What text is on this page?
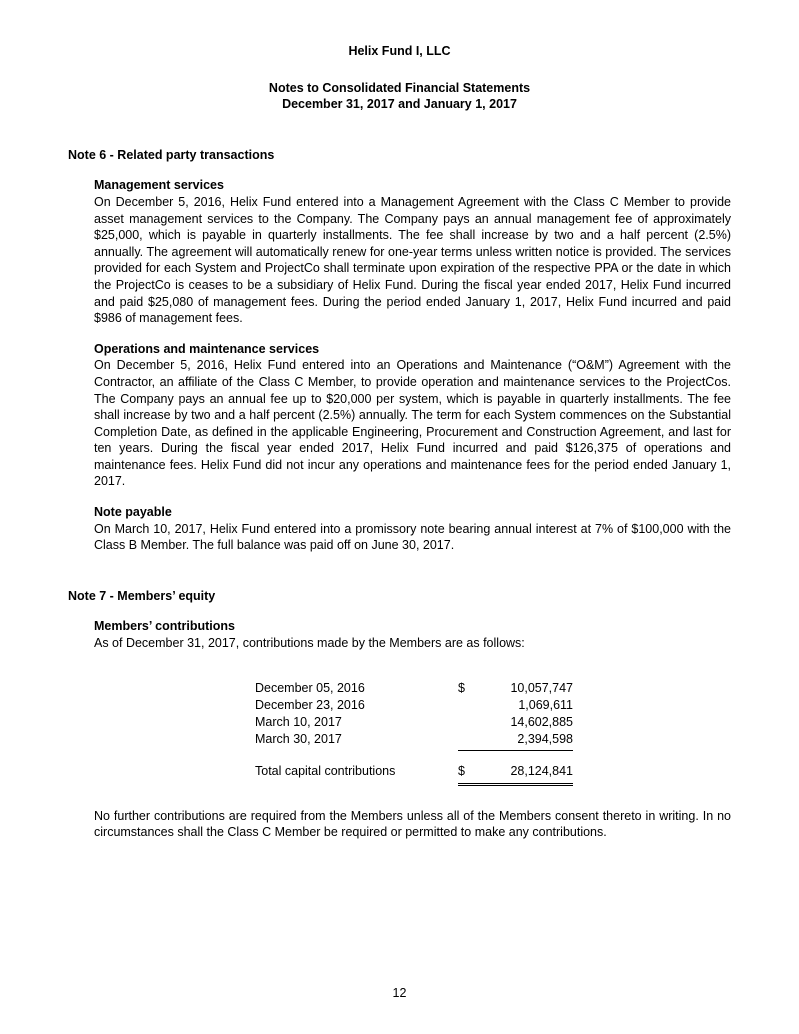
Helix Fund I, LLC
Notes to Consolidated Financial Statements
December 31, 2017 and January 1, 2017
Note 6 - Related party transactions
Management services

On December 5, 2016, Helix Fund entered into a Management Agreement with the Class C Member to provide asset management services to the Company. The Company pays an annual management fee of approximately $25,000, which is payable in quarterly installments. The fee shall increase by two and a half percent (2.5%) annually. The agreement will automatically renew for one-year terms unless written notice is provided. The services provided for each System and ProjectCo shall terminate upon expiration of the respective PPA or the date in which the ProjectCo is ceases to be a subsidiary of Helix Fund. During the fiscal year ended 2017, Helix Fund incurred and paid $25,080 of management fees. During the period ended January 1, 2017, Helix Fund incurred and paid $986 of management fees.

Operations and maintenance services

On December 5, 2016, Helix Fund entered into an Operations and Maintenance (“O&M”) Agreement with the Contractor, an affiliate of the Class C Member, to provide operation and maintenance services to the ProjectCos. The Company pays an annual fee up to $20,000 per system, which is payable in quarterly installments. The fee shall increase by two and a half percent (2.5%) annually. The term for each System commences on the Substantial Completion Date, as defined in the applicable Engineering, Procurement and Construction Agreement, and last for ten years. During the fiscal year ended 2017, Helix Fund incurred and paid $126,375 of operations and maintenance fees. Helix Fund did not incur any operations and maintenance fees for the period ended January 1, 2017.

Note payable

On March 10, 2017, Helix Fund entered into a promissory note bearing annual interest at 7% of $100,000 with the Class B Member. The full balance was paid off on June 30, 2017.

Note 7 - Members’ equity
Members’ contributions

As of December 31, 2017, contributions made by the Members are as follows:

December 05, 2016	$	10,057,747
December 23, 2016	1,069,611
March 10, 2017	14,602,885
March 30, 2017	2,394,598
Total capital contributions	$	28,124,841

No further contributions are required from the Members unless all of the Members consent thereto in writing. In no circumstances shall the Class C Member be required or permitted to make any contributions.

12
